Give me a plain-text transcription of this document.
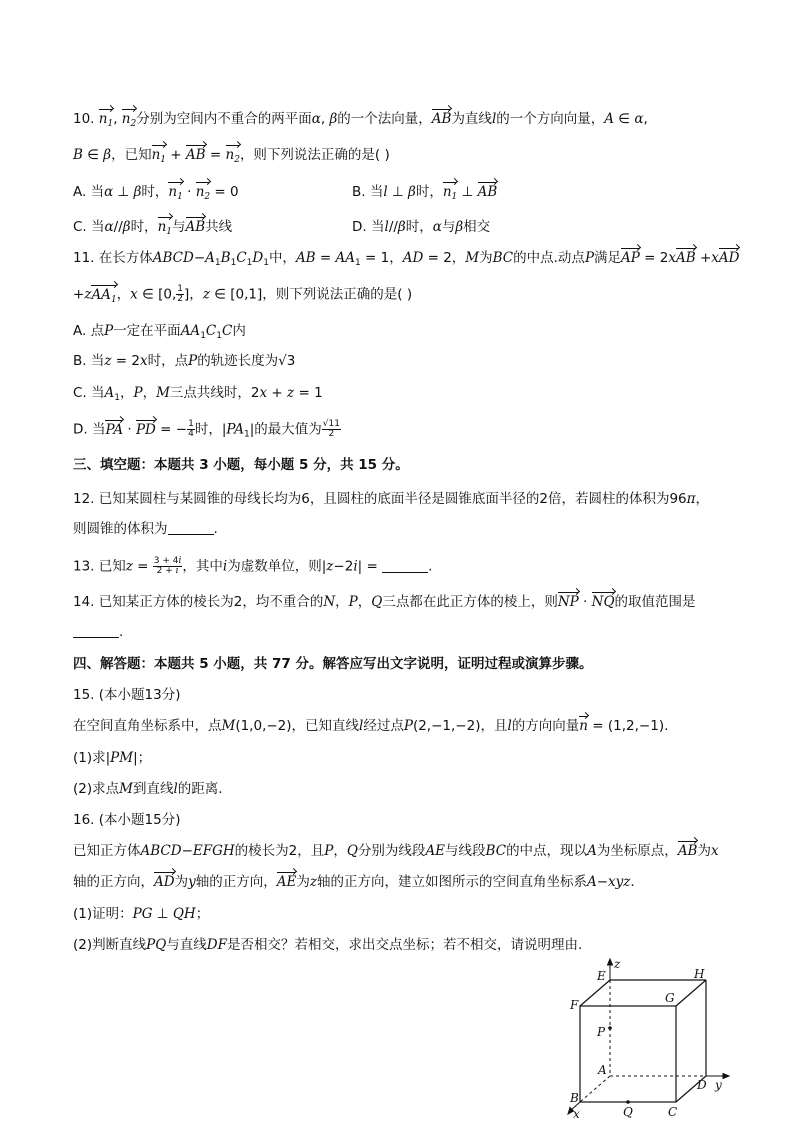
10. $n_1$, $n_2$分别为空间内不重合的两平面α, β的一个法向量，AB为直线l的一个方向向量，A ∈ α,
B ∈ β，已知$n_1$ + AB = $n_2$，则下列说法正确的是( )
A. 当α ⊥ β时，$n_1 \cdot n_2 = 0$	B. 当l ⊥ β时，$n_1$ ⊥ AB
C. 当α//β时，$n_1$与AB共线	D. 当l//β时，α与β相交
11. 在长方体$ABCD-A_1B_1C_1D_1$中，AB = $AA_1 = 1$，AD = 2，M为BC的中点.动点P满足AP = 2xAB +xAD
+zAA$_1$，x ∈ [0, $\frac{1}{2}$ ]，z ∈ [0,1]，则下列说法正确的是( )
A. 点P一定在平面$AA_1C_1C$内
B. 当z = 2x时，点P的轨迹长度为√3
C. 当$A_1$，P，M三点共线时，2x + z = 1
D. 当PA · PD = − $\frac{1}{4}$ 时，$|PA_1|$的最大值为 $\frac{√11}{2}$
三、填空题：本题共 3 小题，每小题 5 分，共 15 分。
12. 已知某圆柱与某圆锥的母线长均为6，且圆柱的底面半径是圆锥底面半径的2倍，若圆柱的体积为96π，
则圆锥的体积为	.
13. 已知$z = \frac{3 + 4i}{2 + i}$ ，其中i为虚数单位，则|z−2i| =	.
14. 已知某正方体的棱长为2，均不重合的N，P，Q三点都在此正方体的棱上，则NP · NQ的取值范围是
.
四、解答题：本题共 5 小题，共 77 分。解答应写出文字说明，证明过程或演算步骤。
15. (本小题13分)
在空间直角坐标系中，点M(1,0,−2)，已知直线l经过点P(2,−1,−2)，且l的方向向量n = (1,2,−1).
(1)求|PM|；
(2)求点M到直线l的距离.
16. (本小题15分)
已知正方体ABCD−EFGH的棱长为2，且P，Q分别为线段AE与线段BC的中点，现以A为坐标原点，AB为x
轴的正方向，AD为y轴的正方向，AE为z轴的正方向，建立如图所示的空间直角坐标系A−xyz.
(1)证明：PG ⊥ QH；
(2)判断直线PQ与直线DF是否相交？若相交，求出交点坐标；若不相交，请说明理由.
z
E	H
F	G
P
A
D y
B
Q	C
x
